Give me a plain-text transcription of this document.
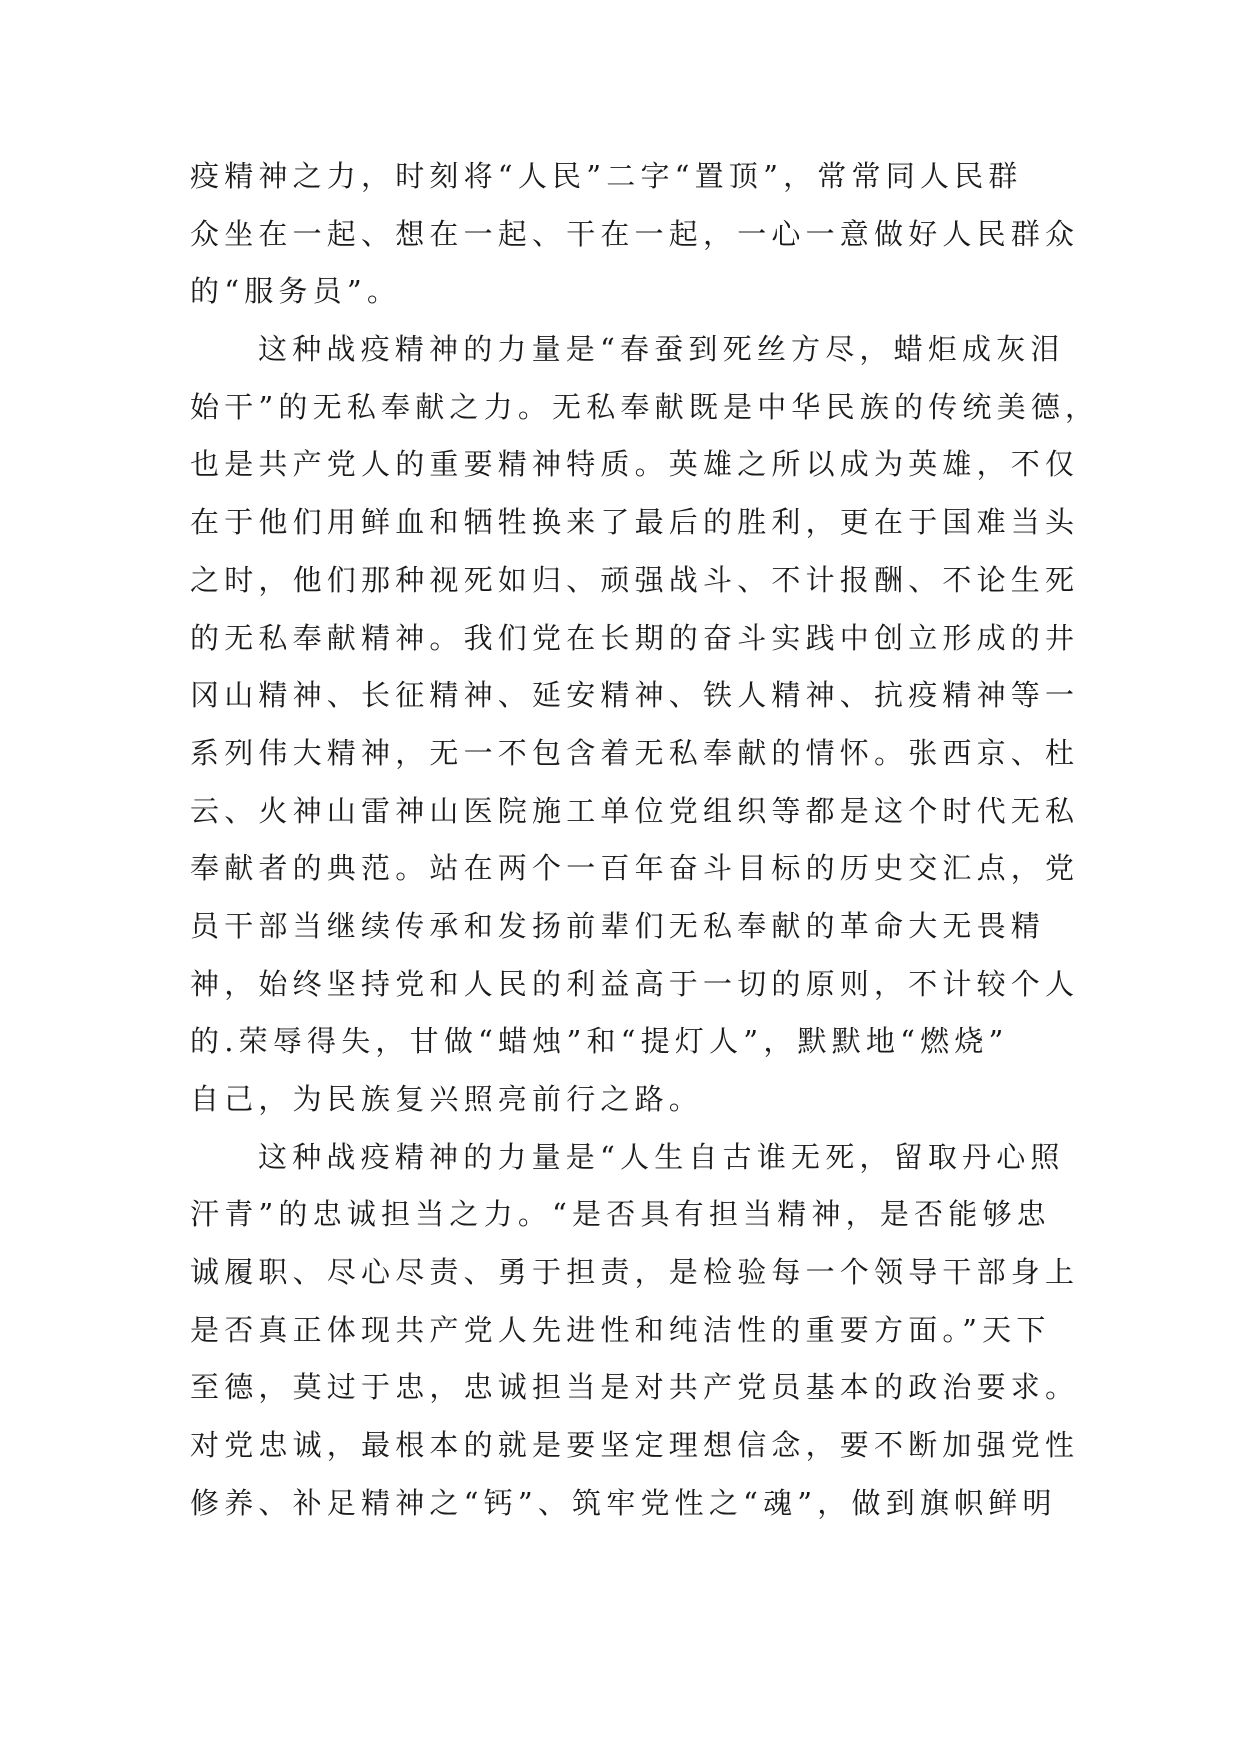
疫精神之力，时刻将“人民”二字“置顶”，常常同人民群
众坐在一起、想在一起、干在一起，一心一意做好人民群众
的“服务员”。
这种战疫精神的力量是“春蚕到死丝方尽，蜡炬成灰泪
始干”的无私奉献之力。无私奉献既是中华民族的传统美德，
也是共产党人的重要精神特质。英雄之所以成为英雄，不仅
在于他们用鲜血和牺牲换来了最后的胜利，更在于国难当头
之时，他们那种视死如归、顽强战斗、不计报酬、不论生死
的无私奉献精神。我们党在长期的奋斗实践中创立形成的井
冈山精神、长征精神、延安精神、铁人精神、抗疫精神等一
系列伟大精神，无一不包含着无私奉献的情怀。张西京、杜
云、火神山雷神山医院施工单位党组织等都是这个时代无私
奉献者的典范。站在两个一百年奋斗目标的历史交汇点，党
员干部当继续传承和发扬前辈们无私奉献的革命大无畏精
神，始终坚持党和人民的利益高于一切的原则，不计较个人
的.荣辱得失，甘做“蜡烛”和“提灯人”，默默地“燃烧”
自己，为民族复兴照亮前行之路。
这种战疫精神的力量是“人生自古谁无死，留取丹心照
汗青”的忠诚担当之力。“是否具有担当精神，是否能够忠
诚履职、尽心尽责、勇于担责，是检验每一个领导干部身上
是否真正体现共产党人先进性和纯洁性的重要方面。”天下
至德，莫过于忠，忠诚担当是对共产党员基本的政治要求。
对党忠诚，最根本的就是要坚定理想信念，要不断加强党性
修养、补足精神之“钙”、筑牢党性之“魂”，做到旗帜鲜明
